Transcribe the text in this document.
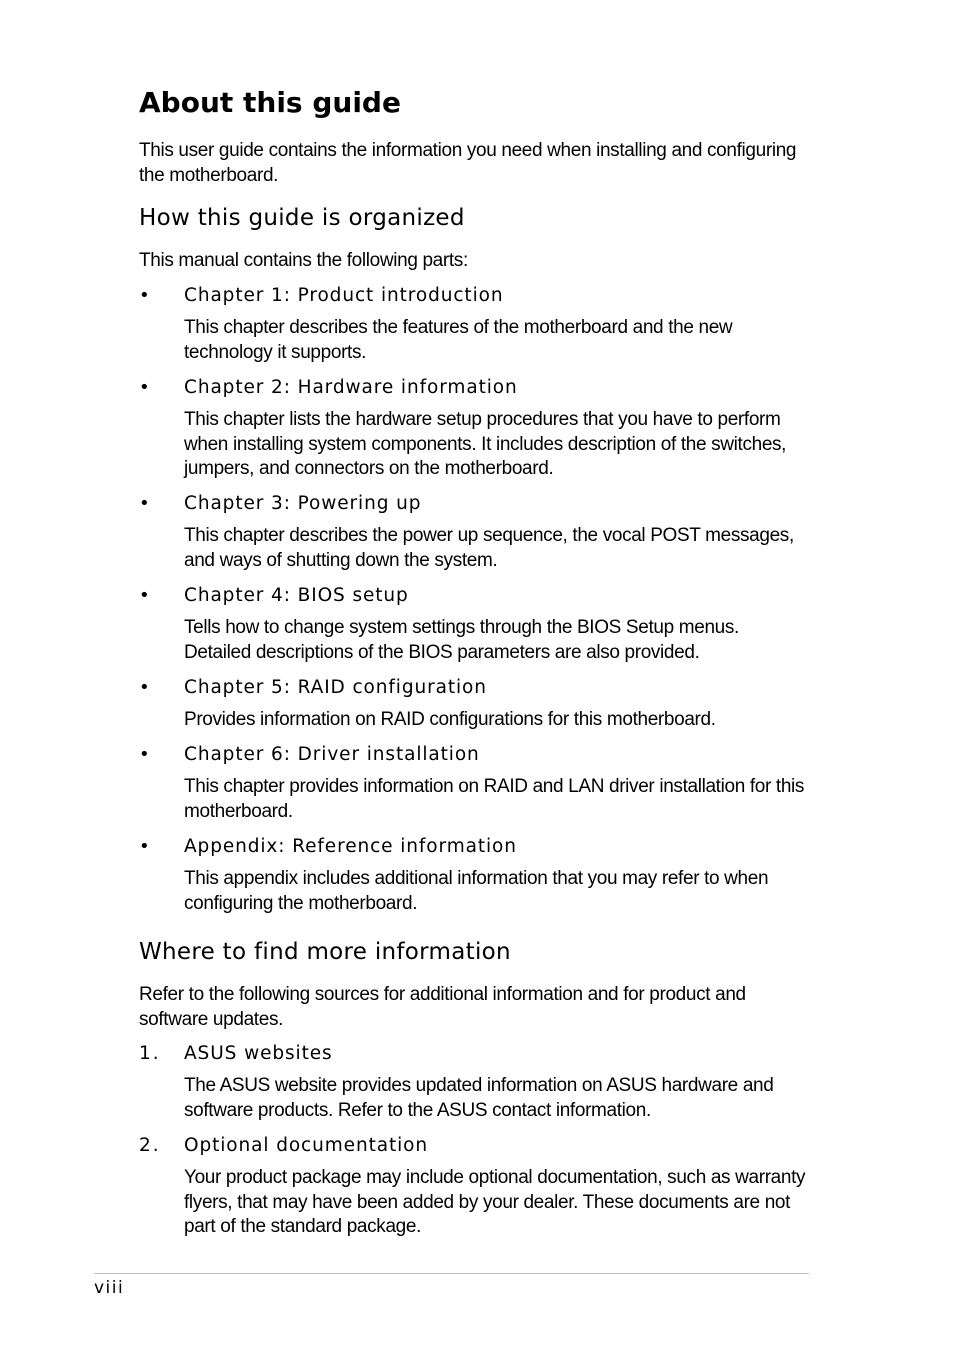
About this guide

This user guide contains the information you need when installing and configuring the motherboard.

How this guide is organized

This manual contains the following parts:

•	Chapter 1: Product introduction

This chapter describes the features of the motherboard and the new technology it supports.

•	Chapter 2: Hardware information

This chapter lists the hardware setup procedures that you have to perform when installing system components. It includes description of the switches, jumpers, and connectors on the motherboard.

•	Chapter 3: Powering up

This chapter describes the power up sequence, the vocal POST messages, and ways of shutting down the system.

•	Chapter 4: BIOS setup

Tells how to change system settings through the BIOS Setup menus. Detailed descriptions of the BIOS parameters are also provided.

•	Chapter 5: RAID configuration

Provides information on RAID configurations for this motherboard.

•	Chapter 6: Driver installation

This chapter provides information on RAID and LAN driver installation for this motherboard.

•	Appendix: Reference information

This appendix includes additional information that you may refer to when configuring the motherboard.

Where to find more information

Refer to the following sources for additional information and for product and software updates.

1.	ASUS websites

The ASUS website provides updated information on ASUS hardware and software products. Refer to the ASUS contact information.

2.	Optional documentation

Your product package may include optional documentation, such as warranty flyers, that may have been added by your dealer. These documents are not part of the standard package.

viii
